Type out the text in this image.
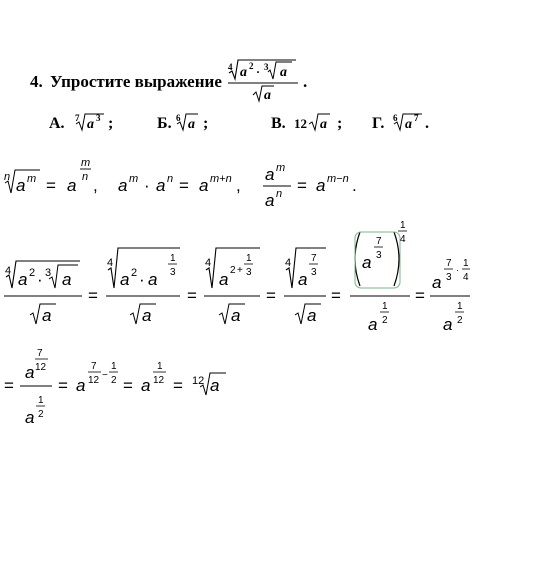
4. Упростите выражение
4 a 2 · 3 a
a
.
А. 7 a 3 ;	Б. 6 a ;	В. 12 a ; Г. 6 a 7 .
n a m = a
m
n , a m · a n = a m+n ,
a m
a n = a m−n .
4 a 2 · 3 a
a
=
4
a 2 · a
1
3
a
=
4
a 2 +
1
3
a
=
4
a
7
3
a
=
a
7
3
1
4
a
1
2
=
a
7
3
·
1
4
a
1
2
=
a
7
12
a
1
2
= a
7
12 −
1
2 = a
1
12 = 12 a
